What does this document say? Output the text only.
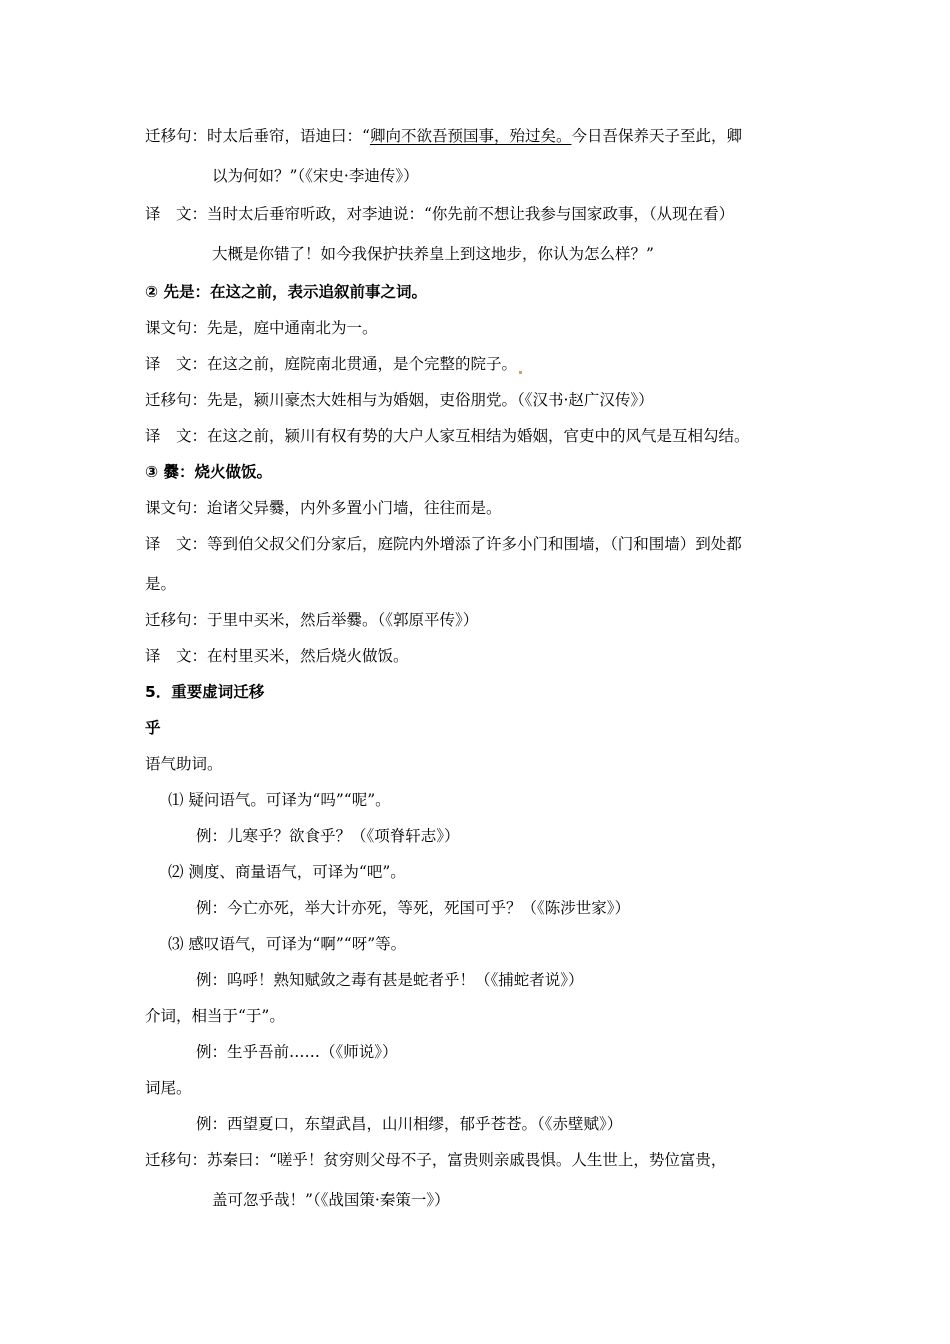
迁移句：时太后垂帘，语迪曰：“卿向不欲吾预国事，殆过矣。今日吾保养天子至此，卿
以为何如？”（《宋史·李迪传》）
译　文：当时太后垂帘听政，对李迪说：“你先前不想让我参与国家政事，（从现在看）
大概是你错了！如今我保护扶养皇上到这地步，你认为怎么样？”
② 先是：在这之前，表示追叙前事之词。
课文句：先是，庭中通南北为一。
译　文：在这之前，庭院南北贯通，是个完整的院子。
迁移句：先是，颍川豪杰大姓相与为婚姻，吏俗朋党。（《汉书·赵广汉传》）
译　文：在这之前，颍川有权有势的大户人家互相结为婚姻，官吏中的风气是互相勾结。
③ 爨：烧火做饭。
课文句：迨诸父异爨，内外多置小门墙，往往而是。
译　文：等到伯父叔父们分家后，庭院内外增添了许多小门和围墙，（门和围墙）到处都
是。
迁移句：于里中买米，然后举爨。（《郭原平传》）
译　文：在村里买米，然后烧火做饭。
5．重要虚词迁移
乎
语气助词。
⑴ 疑问语气。可译为“吗”“呢”。
例：儿寒乎？欲食乎？（《项脊轩志》）
⑵ 测度、商量语气，可译为“吧”。
例：今亡亦死，举大计亦死，等死，死国可乎？（《陈涉世家》）
⑶ 感叹语气，可译为“啊”“呀”等。
例：呜呼！熟知赋敛之毒有甚是蛇者乎！（《捕蛇者说》）
介词，相当于“于”。
例：生乎吾前……（《师说》）
词尾。
例：西望夏口，东望武昌，山川相缪，郁乎苍苍。（《赤壁赋》）
迁移句：苏秦曰：“嗟乎！贫穷则父母不子，富贵则亲戚畏惧。人生世上，势位富贵，
盖可忽乎哉！”（《战国策·秦策一》）
